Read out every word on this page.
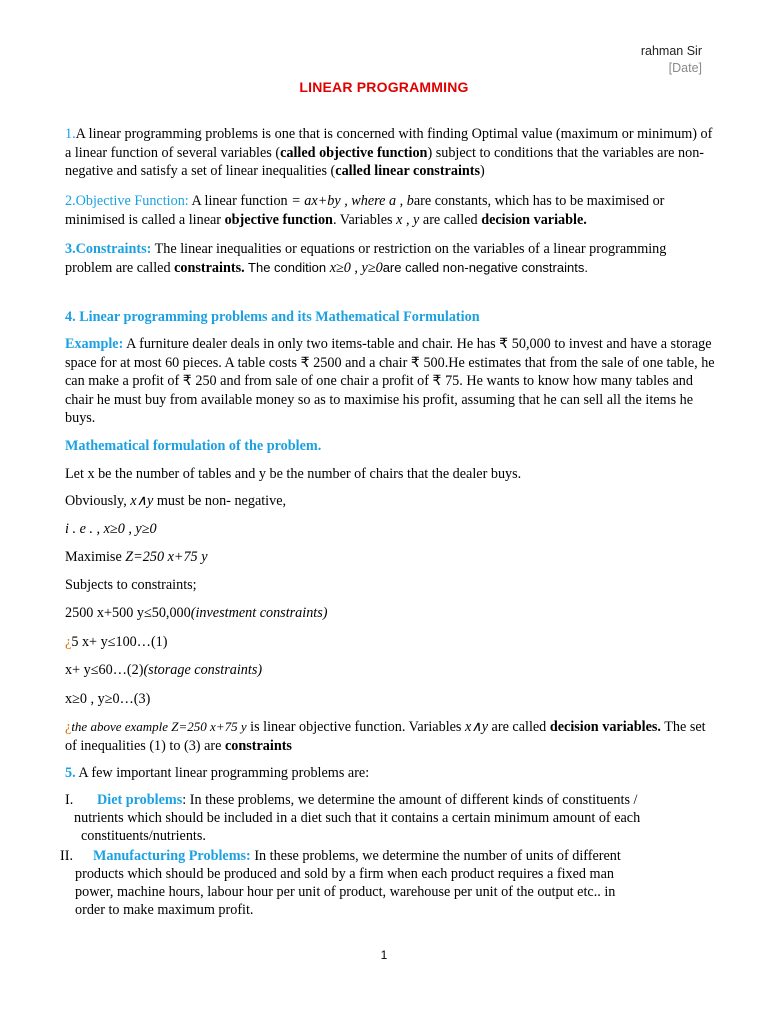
rahman Sir
[Date]
LINEAR PROGRAMMING
1.A linear programming problems is one that is concerned with finding Optimal value (maximum or minimum) of a linear function of several variables (called objective function) subject to conditions that the variables are non-negative and satisfy a set of linear inequalities (called linear constraints)
2.Objective Function: A linear function = ax+by , where a , bare constants, which has to be maximised or minimised is called a linear objective function. Variables x , y are called decision variable.
3.Constraints: The linear inequalities or equations or restriction on the variables of a linear programming problem are called constraints. The condition x≥0 , y≥0are called non-negative constraints.
4. Linear programming problems and its Mathematical Formulation
Example: A furniture dealer deals in only two items-table and chair. He has ₹ 50,000 to invest and have a storage space for at most 60 pieces. A table costs ₹ 2500 and a chair ₹ 500.He estimates that from the sale of one table, he can make a profit of ₹ 250 and from sale of one chair a profit of ₹ 75. He wants to know how many tables and chair he must buy from available money so as to maximise his profit, assuming that he can sell all the items he buys.
Mathematical formulation of the problem.
Let x be the number of tables and y be the number of chairs that the dealer buys.
Obviously, x∧y must be non- negative,
i . e . , x≥0 , y≥0
Maximise Z=250 x+75 y
Subjects to constraints;
2500 x+500 y≤50,000(investment constraints)
¿5 x+ y≤100…(1)
x+ y≤60…(2)(storage constraints)
x≥0 , y≥0…(3)
¿the above example Z=250 x+75 y is linear objective function. Variables x∧y are called decision variables. The set of inequalities (1) to (3) are constraints
5. A few important linear programming problems are:
I. Diet problems: In these problems, we determine the amount of different kinds of constituents /
nutrients which should be included in a diet such that it contains a certain minimum amount of each
constituents/nutrients.
II. Manufacturing Problems: In these problems, we determine the number of units of different
products which should be produced and sold by a firm when each product requires a fixed man
power, machine hours, labour hour per unit of product, warehouse per unit of the output etc.. in
order to make maximum profit.
1
